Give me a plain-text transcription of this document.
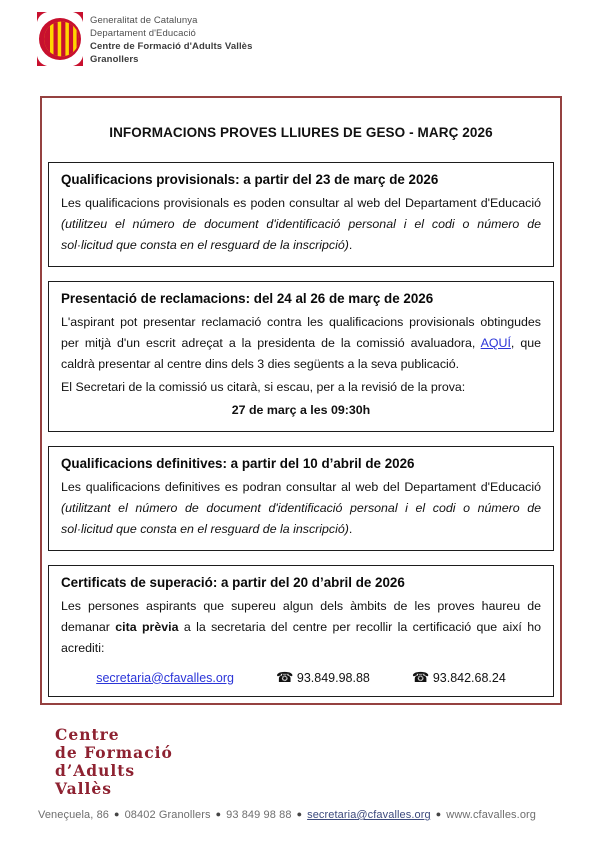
Generalitat de Catalunya
Departament d'Educació
Centre de Formació d'Adults Vallès
Granollers
INFORMACIONS PROVES LLIURES DE GESO - MARÇ 2026
Qualificacions provisionals: a partir del 23 de març de 2026

Les qualificacions provisionals es poden consultar al web del Departament d'Educació (utilitzeu el número de document d'identificació personal i el codi o número de sol·licitud que consta en el resguard de la inscripció).

Presentació de reclamacions: del 24 al 26 de març de 2026

L'aspirant pot presentar reclamació contra les qualificacions provisionals obtingudes per mitjà d'un escrit adreçat a la presidenta de la comissió avaluadora, AQUÍ, que caldrà presentar al centre dins dels 3 dies següents a la seva publicació.

El Secretari de la comissió us citarà, si escau, per a la revisió de la prova:

27 de març a les 09:30h

Qualificacions definitives: a partir del 10 d’abril de 2026

Les qualificacions definitives es podran consultar al web del Departament d'Educació (utilitzant el número de document d'identificació personal i el codi o número de sol·licitud que consta en el resguard de la inscripció).

Certificats de superació: a partir del 20 d’abril de 2026

Les persones aspirants que supereu algun dels àmbits de les proves haureu de demanar cita prèvia a la secretaria del centre per recollir la certificació que així ho acrediti:

secretaria@cfavalles.org	☎ 93.849.98.88	☎ 93.842.68.24
Centre
de Formació
d’Adults
Vallès
Veneçuela, 86 ● 08402 Granollers ● 93 849 98 88 ● secretaria@cfavalles.org ● www.cfavalles.org
